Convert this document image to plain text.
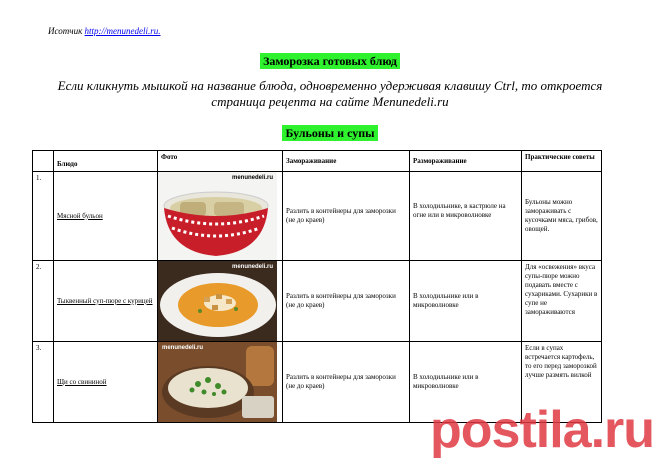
Исотчик http://menunedeli.ru.
Заморозка готовых блюд
Если кликнуть мышкой на название блюда, одновременно удерживая клавишу Ctrl, то откроется страница рецепта на сайте Menunedeli.ru
Бульоны и супы
	Блюдо	Фото	Замораживание	Размораживание	Практические советы
1.	Мясной бульон	menunedeli.ru	Разлить в контейнеры для заморозки (не до краев)	В холодильнике, в кастрюле на огне или в микроволновке	Бульоны можно замораживать с кусочками мяса, грибов, овощей.
2.	Тыквенный суп-пюре с курицей	menunedeli.ru	Разлить в контейнеры для заморозки (не до краев)	В холодильнике или в микроволновке	Для «освежения» вкуса супы-пюре можно подавать вместе с сухариками. Сухарики в супе не замораживаются
3.	Щи со свининой	menunedeli.ru	Разлить в контейнеры для заморозки (не до краев)	В холодильнике или в микроволновке	Если в супах встречается картофель, то его перед заморозкой лучше размять вилкой
postila.ru
